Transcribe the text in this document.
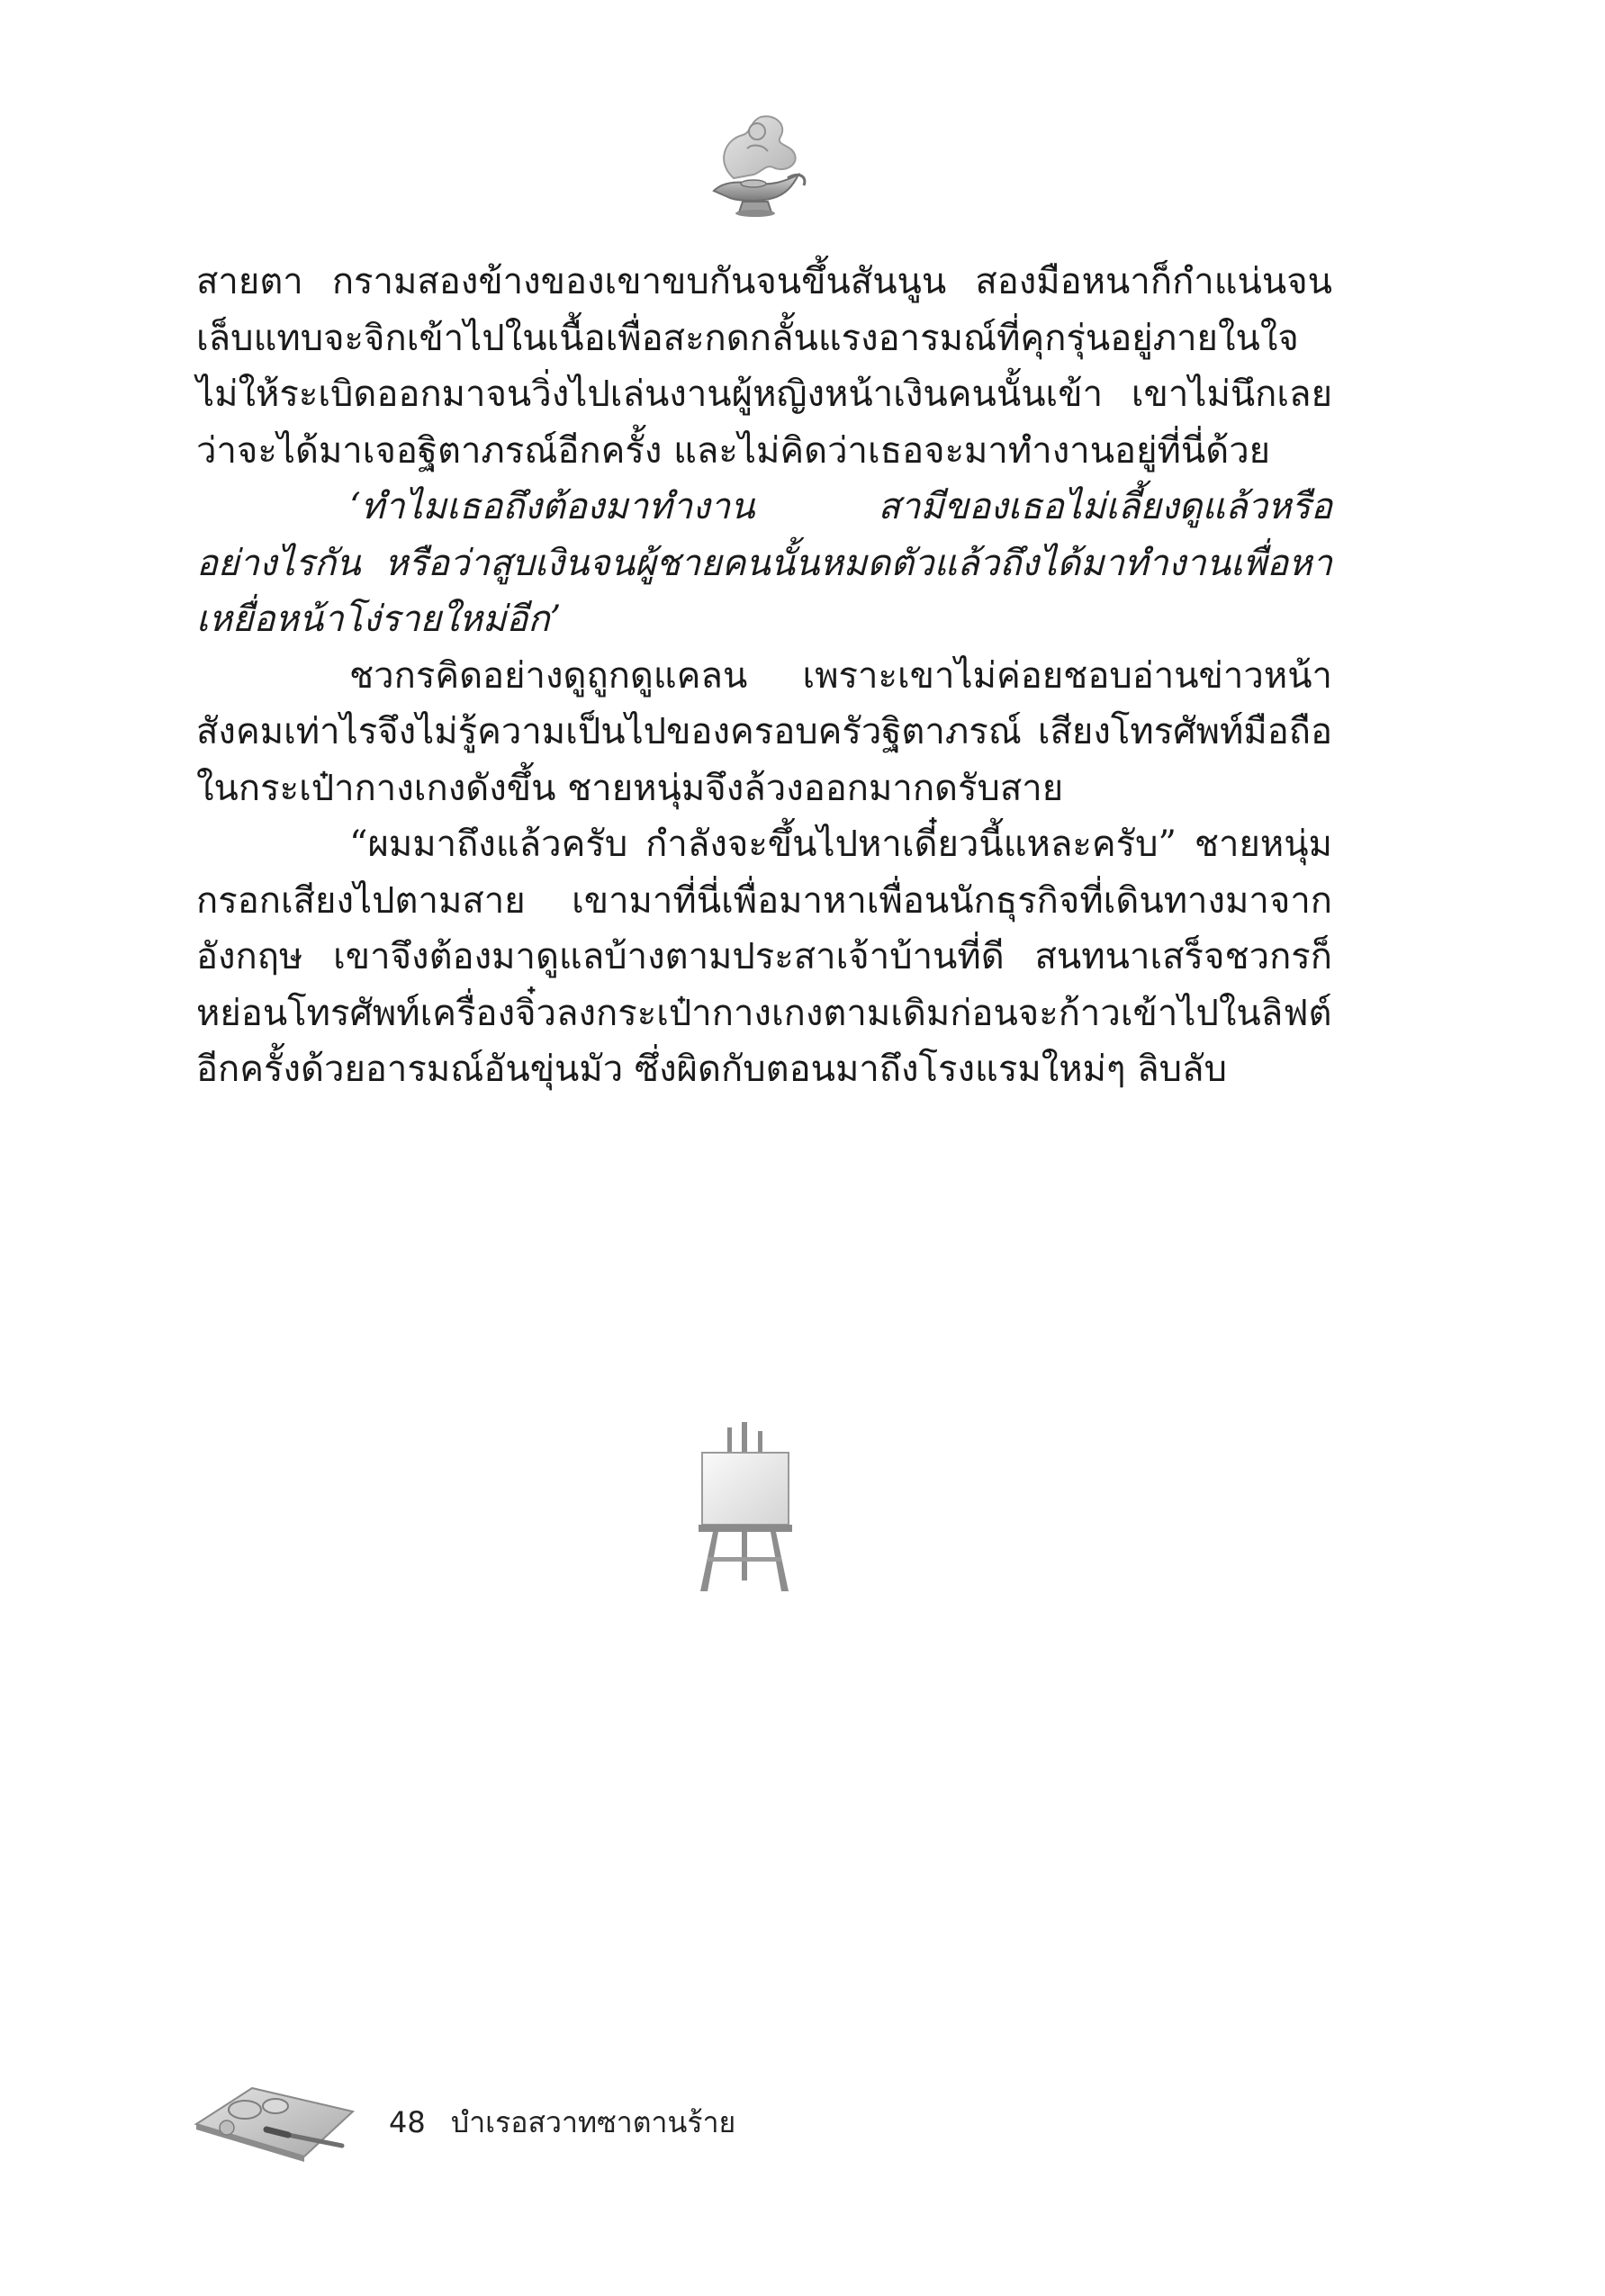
สายตา กรามสองข้างของเขาขบกันจนขึ้นสันนูน สองมือหนาก็กำแน่นจนเล็บแทบจะจิกเข้าไปในเนื้อเพื่อสะกดกลั้นแรงอารมณ์ที่คุกรุ่นอยู่ภายในใจไม่ให้ระเบิดออกมาจนวิ่งไปเล่นงานผู้หญิงหน้าเงินคนนั้นเข้า เขาไม่นึกเลยว่าจะได้มาเจอฐิตาภรณ์อีกครั้ง และไม่คิดว่าเธอจะมาทำงานอยู่ที่นี่ด้วย

‘ทำไมเธอถึงต้องมาทำงาน สามีของเธอไม่เลี้ยงดูแล้วหรืออย่างไรกัน หรือว่าสูบเงินจนผู้ชายคนนั้นหมดตัวแล้วถึงได้มาทำงานเพื่อหาเหยื่อหน้าโง่รายใหม่อีก’

ชวกรคิดอย่างดูถูกดูแคลน เพราะเขาไม่ค่อยชอบอ่านข่าวหน้าสังคมเท่าไรจึงไม่รู้ความเป็นไปของครอบครัวฐิตาภรณ์ เสียงโทรศัพท์มือถือในกระเป๋ากางเกงดังขึ้น ชายหนุ่มจึงล้วงออกมากดรับสาย

“ผมมาถึงแล้วครับ กำลังจะขึ้นไปหาเดี๋ยวนี้แหละครับ” ชายหนุ่มกรอกเสียงไปตามสาย เขามาที่นี่เพื่อมาหาเพื่อนนักธุรกิจที่เดินทางมาจากอังกฤษ เขาจึงต้องมาดูแลบ้างตามประสาเจ้าบ้านที่ดี สนทนาเสร็จชวกรก็หย่อนโทรศัพท์เครื่องจิ๋วลงกระเป๋ากางเกงตามเดิมก่อนจะก้าวเข้าไปในลิฟต์อีกครั้งด้วยอารมณ์อันขุ่นมัว ซึ่งผิดกับตอนมาถึงโรงแรมใหม่ๆ ลิบลับ

48 บำเรอสวาทซาตานร้าย
